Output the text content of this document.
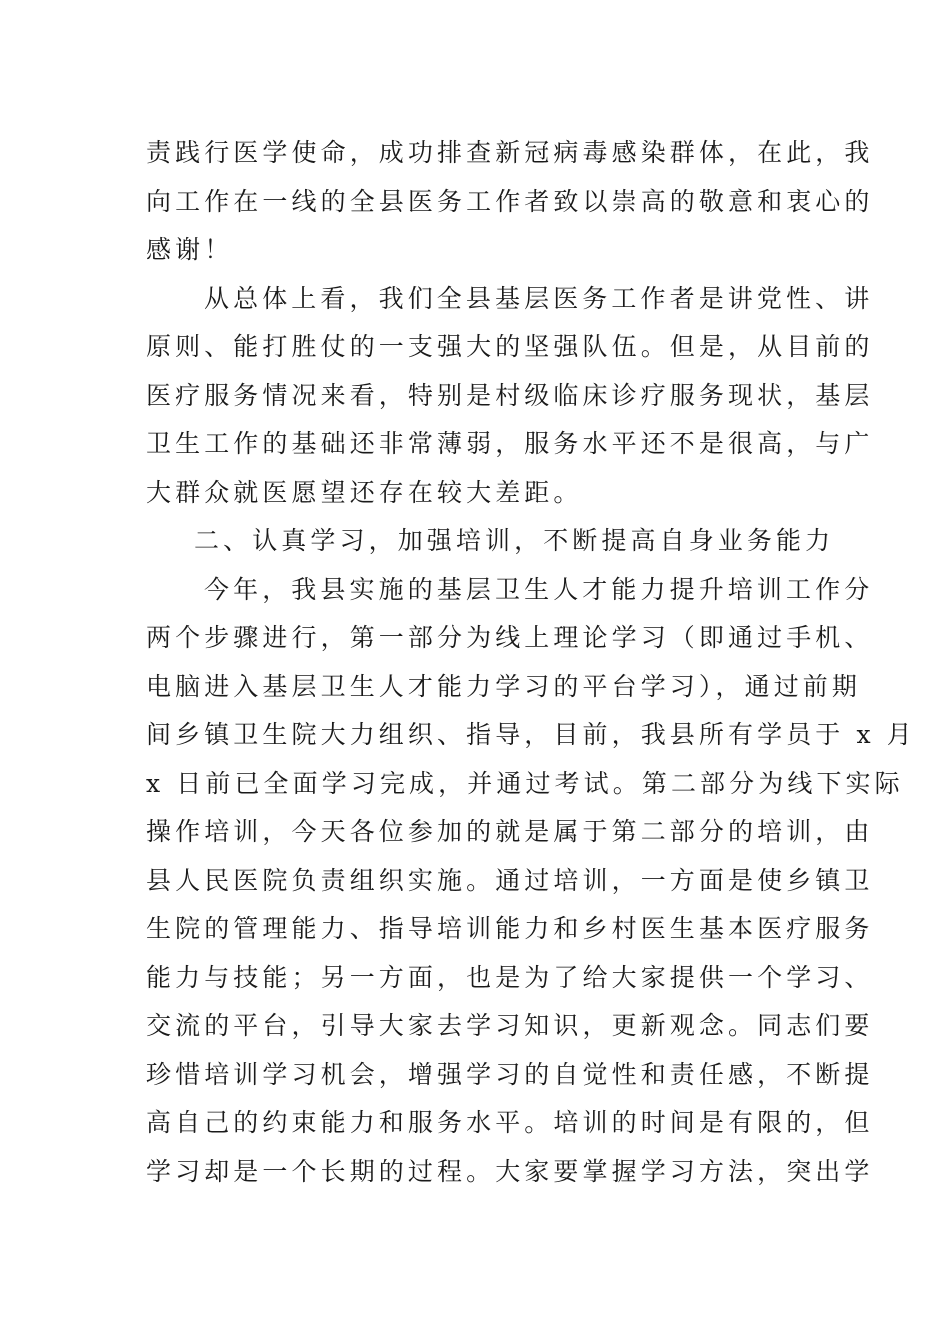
责践行医学使命，成功排查新冠病毒感染群体，在此，我
向工作在一线的全县医务工作者致以崇高的敬意和衷心的
感谢！
从总体上看，我们全县基层医务工作者是讲党性、讲
原则、能打胜仗的一支强大的坚强队伍。但是，从目前的
医疗服务情况来看，特别是村级临床诊疗服务现状，基层
卫生工作的基础还非常薄弱，服务水平还不是很高，与广
大群众就医愿望还存在较大差距。
二、认真学习，加强培训，不断提高自身业务能力
今年，我县实施的基层卫生人才能力提升培训工作分
两个步骤进行，第一部分为线上理论学习（即通过手机、
电脑进入基层卫生人才能力学习的平台学习），通过前期
间乡镇卫生院大力组织、指导，目前，我县所有学员于 x 月
x 日前已全面学习完成，并通过考试。第二部分为线下实际
操作培训，今天各位参加的就是属于第二部分的培训，由
县人民医院负责组织实施。通过培训，一方面是使乡镇卫
生院的管理能力、指导培训能力和乡村医生基本医疗服务
能力与技能；另一方面，也是为了给大家提供一个学习、
交流的平台，引导大家去学习知识，更新观念。同志们要
珍惜培训学习机会，增强学习的自觉性和责任感，不断提
高自己的约束能力和服务水平。培训的时间是有限的，但
学习却是一个长期的过程。大家要掌握学习方法，突出学
